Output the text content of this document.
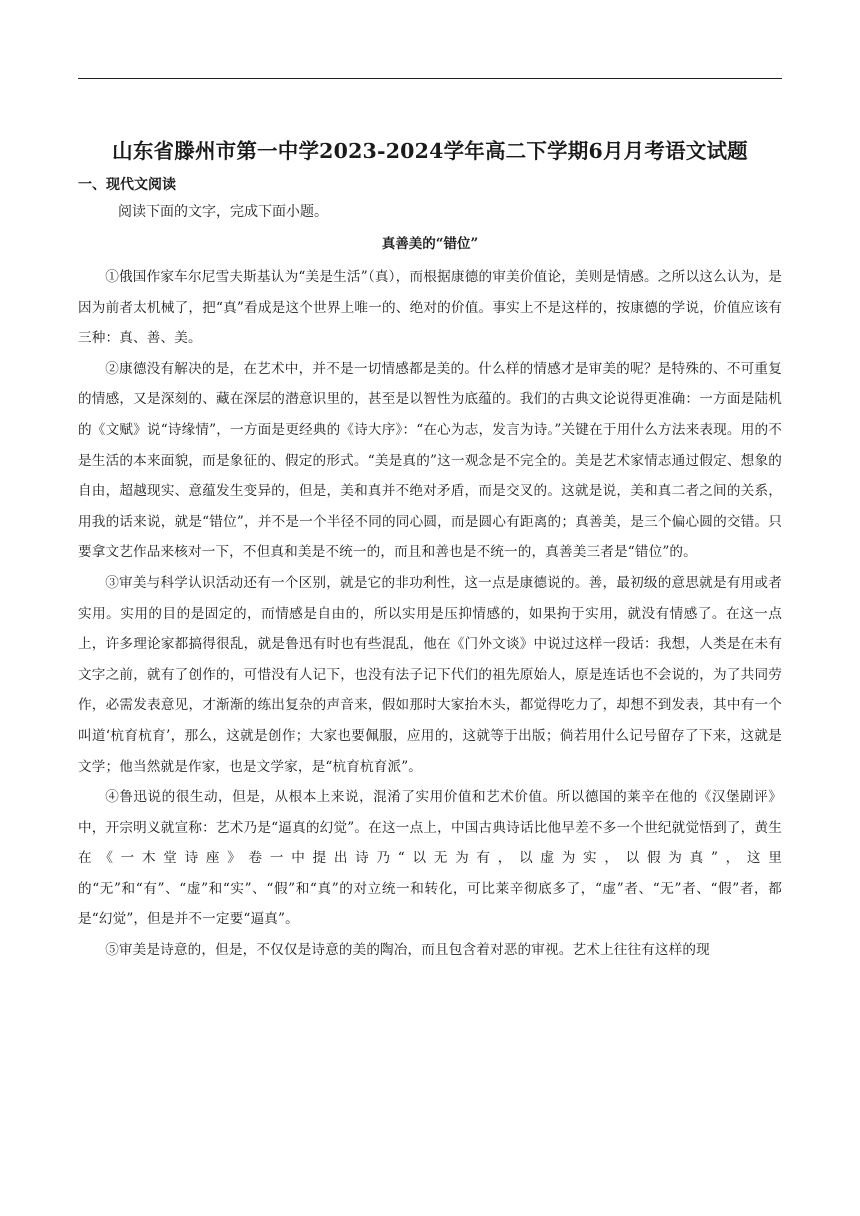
山东省滕州市第一中学2023-2024学年高二下学期6月月考语文试题
一、现代文阅读
阅读下面的文字，完成下面小题。
真善美的“错位”

①俄国作家车尔尼雪夫斯基认为“美是生活”（真），而根据康德的审美价值论，美则是情感。之所以这么认为，是因为前者太机械了，把“真”看成是这个世界上唯一的、绝对的价值。事实上不是这样的，按康德的学说，价值应该有三种：真、善、美。

②康德没有解决的是，在艺术中，并不是一切情感都是美的。什么样的情感才是审美的呢？是特殊的、不可重复的情感，又是深刻的、藏在深层的潜意识里的，甚至是以智性为底蕴的。我们的古典文论说得更准确：一方面是陆机的《文赋》说“诗缘情”，一方面是更经典的《诗大序》：“在心为志，发言为诗。”关键在于用什么方法来表现。用的不是生活的本来面貌，而是象征的、假定的形式。“美是真的”这一观念是不完全的。美是艺术家情志通过假定、想象的自由，超越现实、意蕴发生变异的，但是，美和真并不绝对矛盾，而是交叉的。这就是说，美和真二者之间的关系，用我的话来说，就是“错位”，并不是一个半径不同的同心圆，而是圆心有距离的；真善美，是三个偏心圆的交错。只要拿文艺作品来核对一下，不但真和美是不统一的，而且和善也是不统一的，真善美三者是“错位”的。

③审美与科学认识活动还有一个区别，就是它的非功利性，这一点是康德说的。善，最初级的意思就是有用或者实用。实用的目的是固定的，而情感是自由的，所以实用是压抑情感的，如果拘于实用，就没有情感了。在这一点上，许多理论家都搞得很乱，就是鲁迅有时也有些混乱，他在《门外文谈》中说过这样一段话：我想，人类是在未有文字之前，就有了创作的，可惜没有人记下，也没有法子记下代们的祖先原始人，原是连话也不会说的，为了共同劳作，必需发表意见，才渐渐的练出复杂的声音来，假如那时大家抬木头，都觉得吃力了，却想不到发表，其中有一个叫道‘杭育杭育’，那么，这就是创作；大家也要佩服，应用的，这就等于出版；倘若用什么记号留存了下来，这就是文学；他当然就是作家，也是文学家，是“杭育杭育派”。

④鲁迅说的很生动，但是，从根本上来说，混淆了实用价值和艺术价值。所以德国的莱辛在他的《汉堡剧评》中，开宗明义就宣称：艺术乃是“逼真的幻觉”。在这一点上，中国古典诗话比他早差不多一个世纪就觉悟到了，黄生在《一木堂诗座》卷一中提出诗乃“以无为有，以虚为实，以假为真”，这里的“无”和“有”、“虚”和“实”、“假”和“真”的对立统一和转化，可比莱辛彻底多了，“虚”者、“无”者、“假”者，都是“幻觉”，但是并不一定要“逼真”。

⑤审美是诗意的，但是，不仅仅是诗意的美的陶冶，而且包含着对恶的审视。艺术上往往有这样的现
